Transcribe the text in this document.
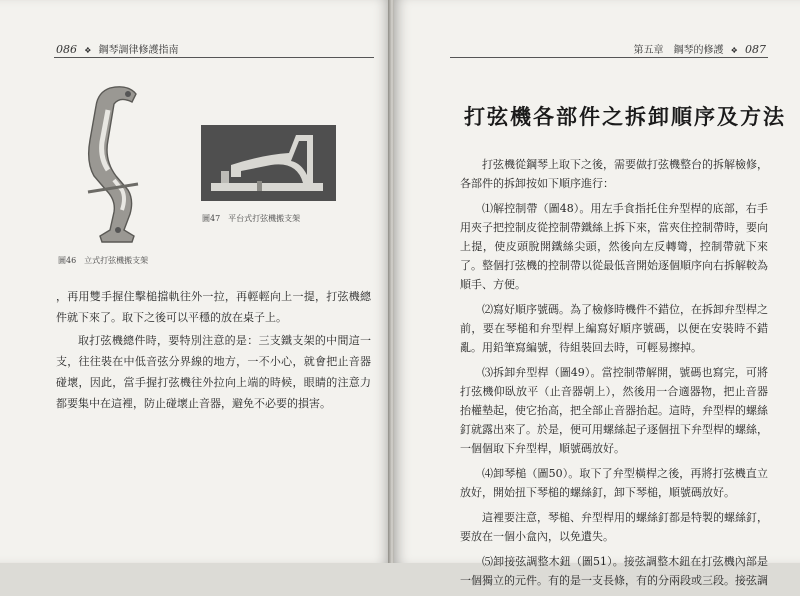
086 ❖ 鋼琴調律修護指南
圖46　立式打弦機搬支架
圖47　平台式打弦機搬支架

，再用雙手握住擊槌擋軌往外一拉，再輕輕向上一提，打弦機總件就下來了。取下之後可以平穩的放在桌子上。

取打弦機總件時，要特別注意的是：三支鐵支架的中間這一支，往往裝在中低音弦分界線的地方，一不小心，就會把止音器碰壞，因此，當手握打弦機往外拉向上端的時候，眼睛的注意力都要集中在這裡，防止碰壞止音器，避免不必要的損害。

第五章　鋼琴的修護 ❖ 087
打弦機各部件之拆卸順序及方法

打弦機從鋼琴上取下之後，需要做打弦機整台的拆解檢修，各部件的拆卸按如下順序進行：

⑴解控制帶（圖48）。用左手食指托住弁型桿的底部，右手用夾子把控制皮從控制帶鐵絲上拆下來，當夾住控制帶時，要向上提，使皮頭脫開鐵絲尖頭，然後向左反轉彎，控制帶就下來了。整個打弦機的控制帶以從最低音開始逐個順序向右拆解較為順手、方便。

⑵寫好順序號碼。為了檢修時機件不錯位，在拆卸弁型桿之前，要在琴槌和弁型桿上編寫好順序號碼，以便在安裝時不錯亂。用鉛筆寫編號，待組裝回去時，可輕易擦掉。

⑶拆卸弁型桿（圖49）。當控制帶解開，號碼也寫完，可將打弦機仰臥放平（止音器朝上），然後用一合適器物，把止音器抬權墊起，使它抬高，把全部止音器抬起。這時，弁型桿的螺絲釘就露出來了。於是，便可用螺絲起子逐個扭下弁型桿的螺絲，一個個取下弁型桿，順號碼放好。

⑷卸琴槌（圖50）。取下了弁型橫桿之後，再將打弦機直立放好，開始扭下琴槌的螺絲釘，卸下琴槌，順號碼放好。

這裡要注意，琴槌、弁型桿用的螺絲釘都是特製的螺絲釘，要放在一個小盒內，以免遺失。

⑸卸接弦調整木鈕（圖51）。接弦調整木鈕在打弦機內部是一個獨立的元件。有的是一支長條，有的分兩段或三段。接弦調
